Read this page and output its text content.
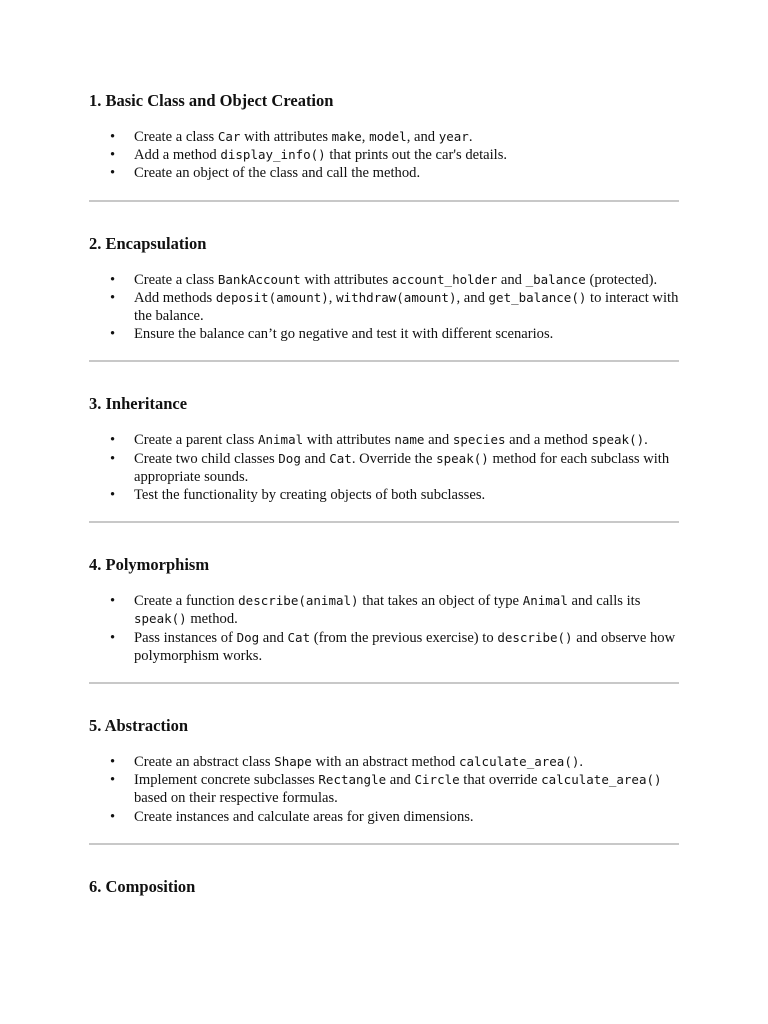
1. Basic Class and Object Creation
• Create a class Car with attributes make, model, and year.
• Add a method display_info() that prints out the car's details.
• Create an object of the class and call the method.
2. Encapsulation
• Create a class BankAccount with attributes account_holder and _balance (protected).
• Add methods deposit(amount), withdraw(amount), and get_balance() to interact with the balance.
• Ensure the balance can’t go negative and test it with different scenarios.
3. Inheritance
• Create a parent class Animal with attributes name and species and a method speak().
• Create two child classes Dog and Cat. Override the speak() method for each subclass with appropriate sounds.
• Test the functionality by creating objects of both subclasses.
4. Polymorphism
• Create a function describe(animal) that takes an object of type Animal and calls its speak() method.
• Pass instances of Dog and Cat (from the previous exercise) to describe() and observe how polymorphism works.
5. Abstraction
• Create an abstract class Shape with an abstract method calculate_area().
• Implement concrete subclasses Rectangle and Circle that override calculate_area() based on their respective formulas.
• Create instances and calculate areas for given dimensions.
6. Composition
